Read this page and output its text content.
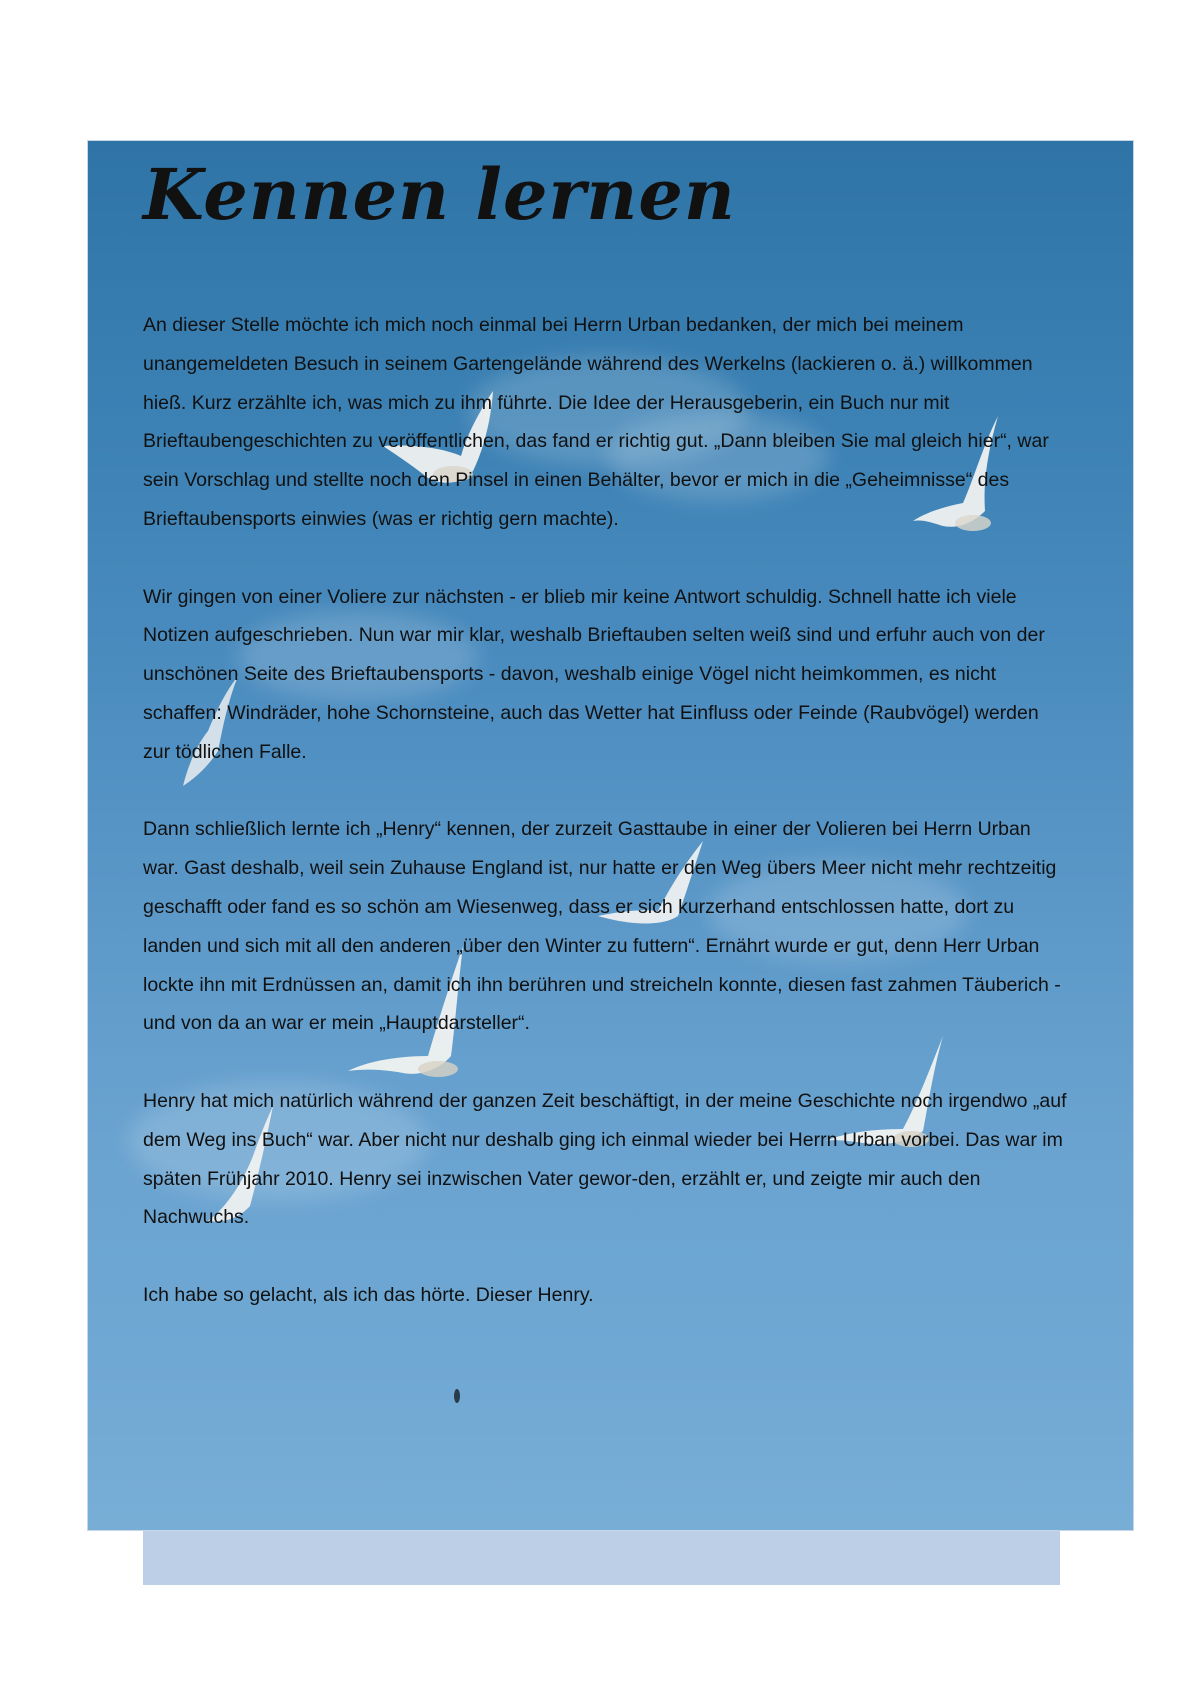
Kennen lernen

An dieser Stelle möchte ich mich noch einmal bei Herrn Urban bedanken, der mich bei meinem unangemeldeten Besuch in seinem Gartengelände während des Werkelns (lackieren o. ä.) willkommen hieß. Kurz erzählte ich, was mich zu ihm führte. Die Idee der Herausgeberin, ein Buch nur mit Brieftaubengeschichten zu veröffentlichen, das fand er richtig gut. „Dann bleiben Sie mal gleich hier“, war sein Vorschlag und stellte noch den Pinsel in einen Behälter, bevor er mich in die „Geheimnisse“ des Brieftaubensports einwies (was er richtig gern machte).

Wir gingen von einer Voliere zur nächsten - er blieb mir keine Antwort schuldig. Schnell hatte ich viele Notizen aufgeschrieben. Nun war mir klar, weshalb Brieftauben selten weiß sind und erfuhr auch von der unschönen Seite des Brieftaubensports - davon, weshalb einige Vögel nicht heimkommen, es nicht schaffen: Windräder, hohe Schornsteine, auch das Wetter hat Einfluss oder Feinde (Raubvögel) werden zur tödlichen Falle.

Dann schließlich lernte ich „Henry“ kennen, der zurzeit Gasttaube in einer der Volieren bei Herrn Urban war. Gast deshalb, weil sein Zuhause England ist, nur hatte er den Weg übers Meer nicht mehr rechtzeitig geschafft oder fand es so schön am Wiesenweg, dass er sich kurzerhand entschlossen hatte, dort zu landen und sich mit all den anderen „über den Winter zu futtern“. Ernährt wurde er gut, denn Herr Urban lockte ihn mit Erdnüssen an, damit ich ihn berühren und streicheln konnte, diesen fast zahmen Täuberich - und von da an war er mein „Hauptdarsteller“.

Henry hat mich natürlich während der ganzen Zeit beschäftigt, in der meine Geschichte noch irgendwo „auf dem Weg ins Buch“ war. Aber nicht nur deshalb ging ich einmal wieder bei Herrn Urban vorbei. Das war im späten Frühjahr 2010. Henry sei inzwischen Vater gewor-den, erzählt er, und zeigte mir auch den Nachwuchs.

Ich habe so gelacht, als ich das hörte. Dieser Henry.
